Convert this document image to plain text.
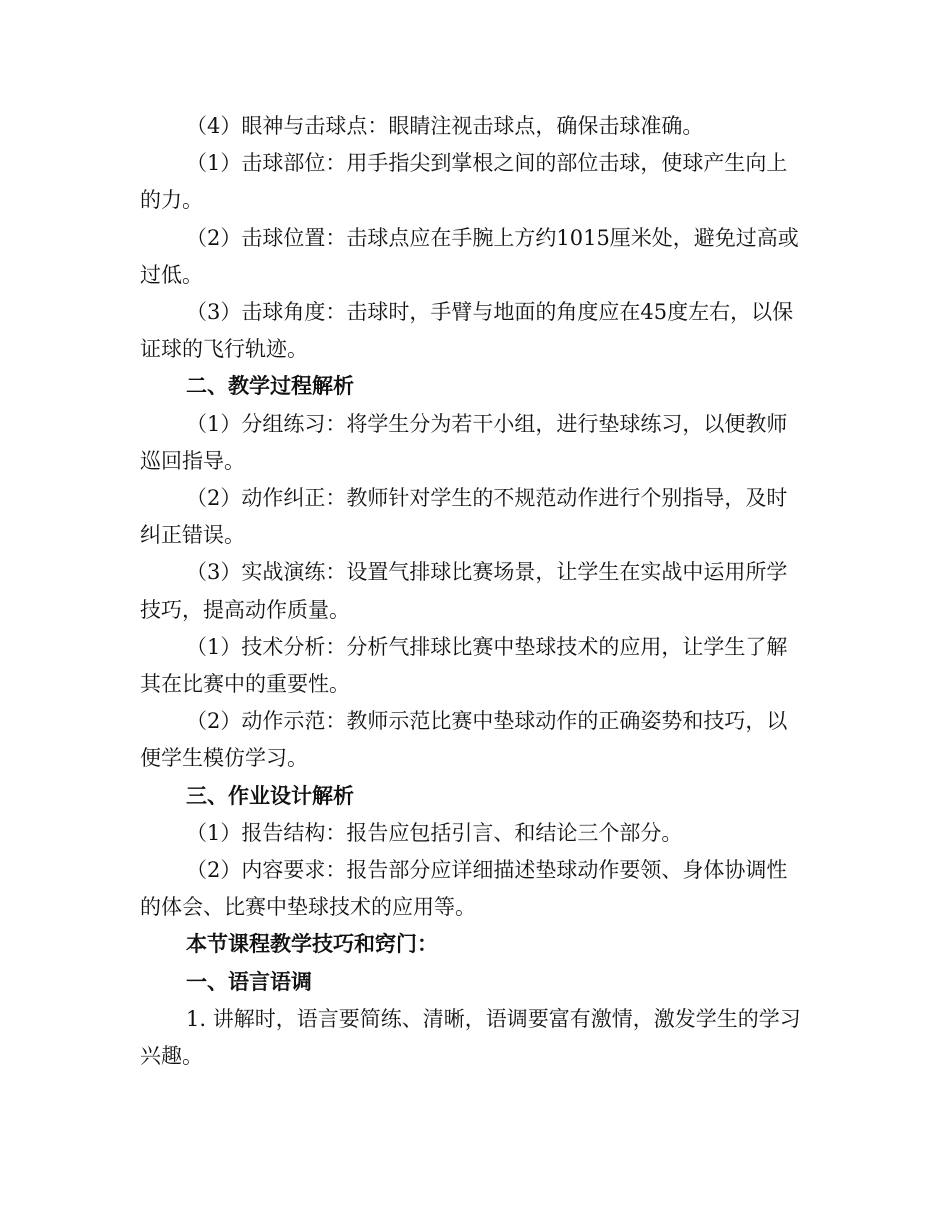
（4）眼神与击球点：眼睛注视击球点，确保击球准确。

（1）击球部位：用手指尖到掌根之间的部位击球，使球产生向上的力。

（2）击球位置：击球点应在手腕上方约1015厘米处，避免过高或过低。

（3）击球角度：击球时，手臂与地面的角度应在45度左右，以保证球的飞行轨迹。

二、教学过程解析

（1）分组练习：将学生分为若干小组，进行垫球练习，以便教师巡回指导。

（2）动作纠正：教师针对学生的不规范动作进行个别指导，及时纠正错误。

（3）实战演练：设置气排球比赛场景，让学生在实战中运用所学技巧，提高动作质量。

（1）技术分析：分析气排球比赛中垫球技术的应用，让学生了解其在比赛中的重要性。

（2）动作示范：教师示范比赛中垫球动作的正确姿势和技巧，以便学生模仿学习。

三、作业设计解析

（1）报告结构：报告应包括引言、和结论三个部分。

（2）内容要求：报告部分应详细描述垫球动作要领、身体协调性的体会、比赛中垫球技术的应用等。

本节课程教学技巧和窍门：

一、语言语调

1. 讲解时，语言要简练、清晰，语调要富有激情，激发学生的学习兴趣。
